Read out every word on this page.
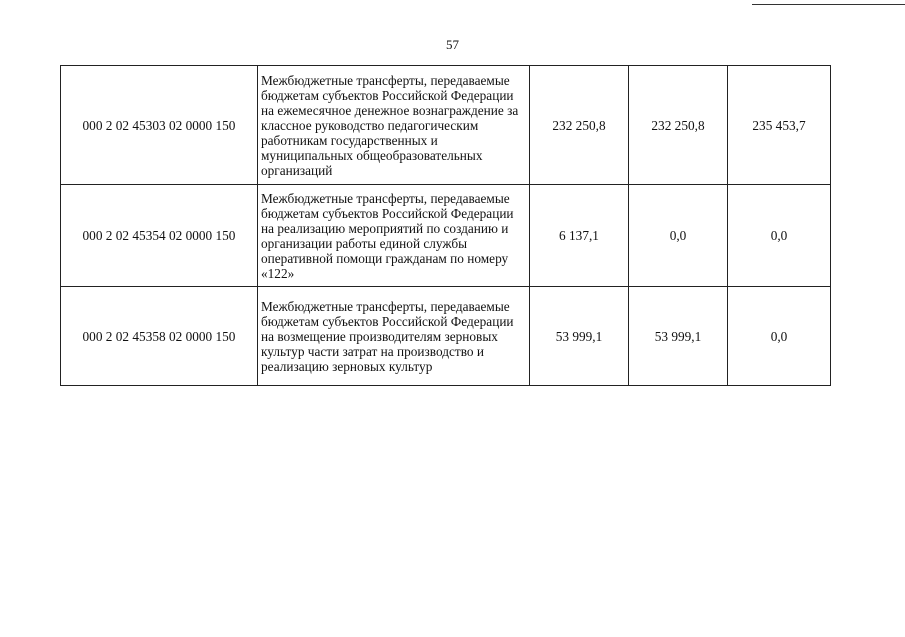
57
000 2 02 45303 02 0000 150	Межбюджетные трансферты, передаваемые бюджетам субъектов Российской Федерации на ежемесячное денежное вознаграждение за классное руководство педагогическим работникам государственных и муниципальных общеобразовательных организаций	232 250,8	232 250,8	235 453,7
000 2 02 45354 02 0000 150	Межбюджетные трансферты, передаваемые бюджетам субъектов Российской Федерации на реализацию мероприятий по созданию и организации работы единой службы оперативной помощи гражданам по номеру «122»	6 137,1	0,0	0,0
000 2 02 45358 02 0000 150	Межбюджетные трансферты, передаваемые бюджетам субъектов Российской Федерации на возмещение производителям зерновых культур части затрат на производство и реализацию зерновых культур	53 999,1	53 999,1	0,0
